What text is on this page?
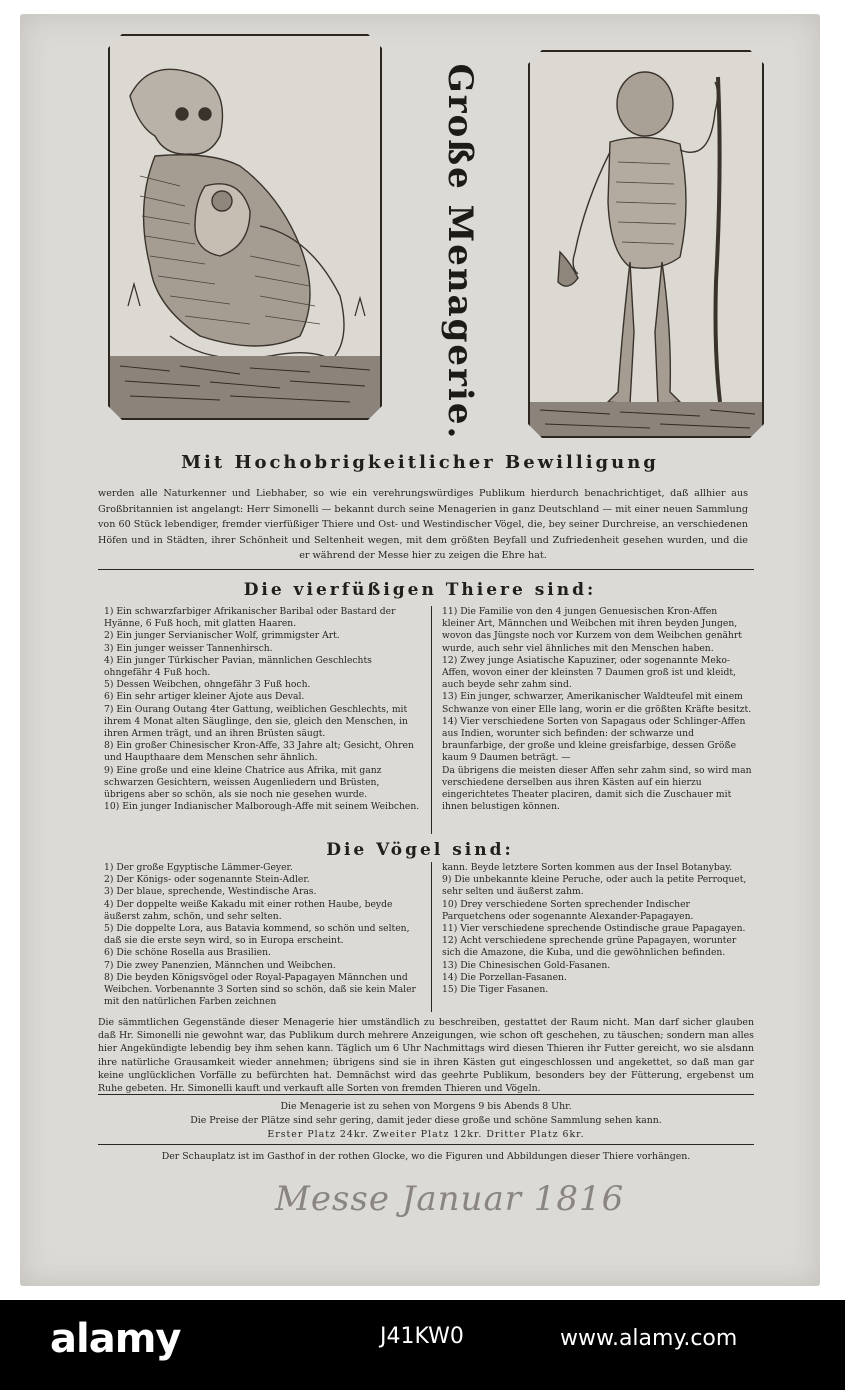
Große Menagerie.
Mit Hochobrigkeitlicher Bewilligung
werden alle Naturkenner und Liebhaber, so wie ein verehrungswürdiges Publikum hierdurch benachrichtiget, daß allhier aus Großbritannien ist angelangt: Herr Simonelli — bekannt durch seine Menagerien in ganz Deutschland — mit einer neuen Sammlung von 60 Stück lebendiger, fremder vierfüßiger Thiere und Ost- und Westindischer Vögel, die, bey seiner Durchreise, an verschiedenen Höfen und in Städten, ihrer Schönheit und Seltenheit wegen, mit dem größten Beyfall und Zufriedenheit gesehen wurden, und die er während der Messe hier zu zeigen die Ehre hat.
Die vierfüßigen Thiere sind:

1) Ein schwarzfarbiger Afrikanischer Baribal oder Bastard der Hyänne, 6 Fuß hoch, mit glatten Haaren.

2) Ein junger Servianischer Wolf, grimmigster Art.

3) Ein junger weisser Tannenhirsch.

4) Ein junger Türkischer Pavian, männlichen Geschlechts ohngefähr 4 Fuß hoch.

5) Dessen Weibchen, ohngefähr 3 Fuß hoch.

6) Ein sehr artiger kleiner Ajote aus Deval.

7) Ein Ourang Outang 4ter Gattung, weiblichen Geschlechts, mit ihrem 4 Monat alten Säuglinge, den sie, gleich den Menschen, in ihren Armen trägt, und an ihren Brüsten säugt.

8) Ein großer Chinesischer Kron-Affe, 33 Jahre alt; Gesicht, Ohren und Haupthaare dem Menschen sehr ähnlich.

9) Eine große und eine kleine Chatrice aus Afrika, mit ganz schwarzen Gesichtern, weissen Augenliedern und Brüsten, übrigens aber so schön, als sie noch nie gesehen wurde.

10) Ein junger Indianischer Malborough-Affe mit seinem Weibchen.

11) Die Familie von den 4 jungen Genuesischen Kron-Affen kleiner Art, Männchen und Weibchen mit ihren beyden Jungen, wovon das Jüngste noch vor Kurzem von dem Weibchen genährt wurde, auch sehr viel ähnliches mit den Menschen haben.

12) Zwey junge Asiatische Kapuziner, oder sogenannte Meko-Affen, wovon einer der kleinsten 7 Daumen groß ist und kleidt, auch beyde sehr zahm sind.

13) Ein junger, schwarzer, Amerikanischer Waldteufel mit einem Schwanze von einer Elle lang, worin er die größten Kräfte besitzt.

14) Vier verschiedene Sorten von Sapagaus oder Schlinger-Affen aus Indien, worunter sich befinden: der schwarze und braunfarbige, der große und kleine greisfarbige, dessen Größe kaum 9 Daumen beträgt. —

Da übrigens die meisten dieser Affen sehr zahm sind, so wird man verschiedene derselben aus ihren Kästen auf ein hierzu eingerichtetes Theater placiren, damit sich die Zuschauer mit ihnen belustigen können.

Die Vögel sind:

1) Der große Egyptische Lämmer-Geyer.

2) Der Königs- oder sogenannte Stein-Adler.

3) Der blaue, sprechende, Westindische Aras.

4) Der doppelte weiße Kakadu mit einer rothen Haube, beyde äußerst zahm, schön, und sehr selten.

5) Die doppelte Lora, aus Batavia kommend, so schön und selten, daß sie die erste seyn wird, so in Europa erscheint.

6) Die schöne Rosella aus Brasilien.

7) Die zwey Panenzien, Männchen und Weibchen.

8) Die beyden Königsvögel oder Royal-Papagayen Männchen und Weibchen. Vorbenannte 3 Sorten sind so schön, daß sie kein Maler mit den natürlichen Farben zeichnen

kann. Beyde letztere Sorten kommen aus der Insel Botanybay.

9) Die unbekannte kleine Peruche, oder auch la petite Perroquet, sehr selten und äußerst zahm.

10) Drey verschiedene Sorten sprechender Indischer Parquetchens oder sogenannte Alexander-Papagayen.

11) Vier verschiedene sprechende Ostindische graue Papagayen.

12) Acht verschiedene sprechende grüne Papagayen, worunter sich die Amazone, die Kuba, und die gewöhnlichen befinden.

13) Die Chinesischen Gold-Fasanen.

14) Die Porzellan-Fasanen.

15) Die Tiger Fasanen.

Die sämmtlichen Gegenstände dieser Menagerie hier umständlich zu beschreiben, gestattet der Raum nicht. Man darf sicher glauben daß Hr. Simonelli nie gewohnt war, das Publikum durch mehrere Anzeigungen, wie schon oft geschehen, zu täuschen; sondern man alles hier Angekündigte lebendig bey ihm sehen kann. Täglich um 6 Uhr Nachmittags wird diesen Thieren ihr Futter gereicht, wo sie alsdann ihre natürliche Grausamkeit wieder annehmen; übrigens sind sie in ihren Kästen gut eingeschlossen und angekettet, so daß man gar keine unglücklichen Vorfälle zu befürchten hat. Demnächst wird das geehrte Publikum, besonders bey der Fütterung, ergebenst um Ruhe gebeten. Hr. Simonelli kauft und verkauft alle Sorten von fremden Thieren und Vögeln.
Die Menagerie ist zu sehen von Morgens 9 bis Abends 8 Uhr.
Die Preise der Plätze sind sehr gering, damit jeder diese große und schöne Sammlung sehen kann.
Erster Platz 24kr. Zweiter Platz 12kr. Dritter Platz 6kr.
Der Schauplatz ist im Gasthof in der rothen Glocke, wo die Figuren und Abbildungen dieser Thiere vorhängen.
Messe Januar 1816
alamy	J41KW0	www.alamy.com
